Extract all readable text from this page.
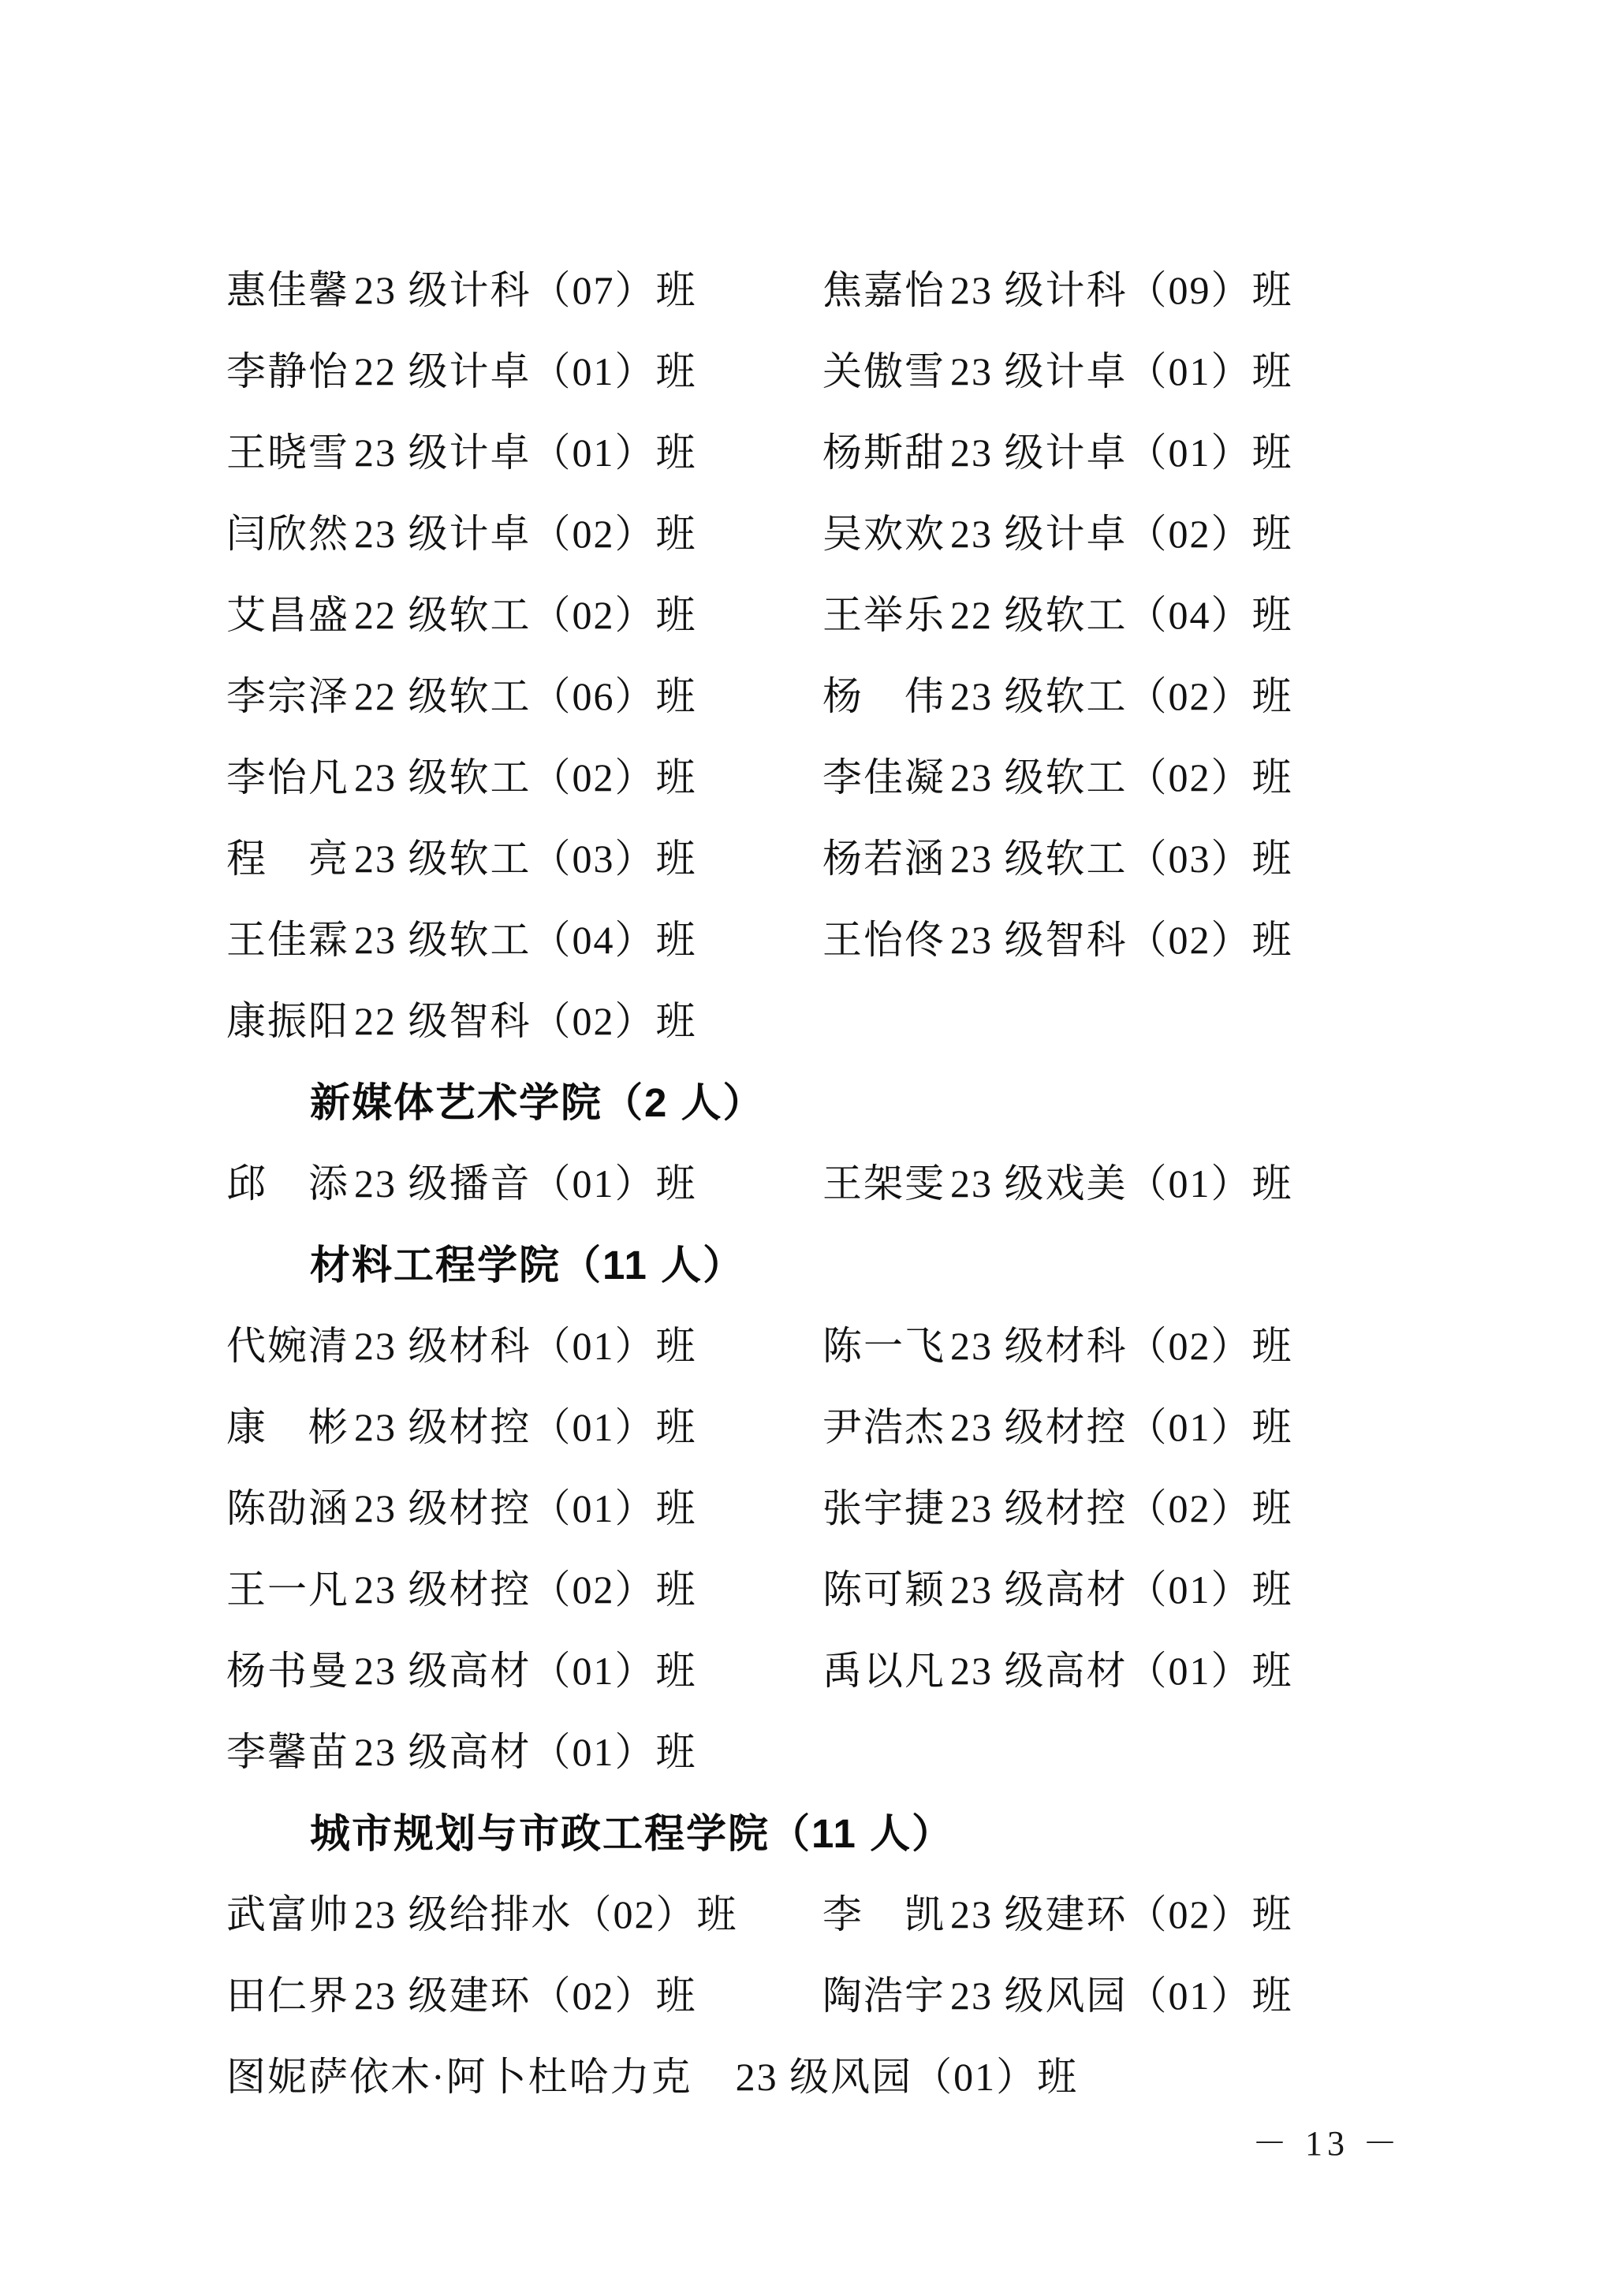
惠佳馨 23 级计科（07）班	焦嘉怡 23 级计科（09）班
李静怡 22 级计卓（01）班	关傲雪 23 级计卓（01）班
王晓雪 23 级计卓（01）班	杨斯甜 23 级计卓（01）班
闫欣然 23 级计卓（02）班	吴欢欢 23 级计卓（02）班
艾昌盛 22 级软工（02）班	王举乐 22 级软工（04）班
李宗泽 22 级软工（06）班	杨　伟 23 级软工（02）班
李怡凡 23 级软工（02）班	李佳凝 23 级软工（02）班
程　亮 23 级软工（03）班	杨若涵 23 级软工（03）班
王佳霖 23 级软工（04）班	王怡佟 23 级智科（02）班
康振阳 22 级智科（02）班
新媒体艺术学院（2 人）
邱　添 23 级播音（01）班	王架雯 23 级戏美（01）班
材料工程学院（11 人）
代婉清 23 级材科（01）班	陈一飞 23 级材科（02）班
康　彬 23 级材控（01）班	尹浩杰 23 级材控（01）班
陈劭涵 23 级材控（01）班	张宇捷 23 级材控（02）班
王一凡 23 级材控（02）班	陈可颖 23 级高材（01）班
杨书曼 23 级高材（01）班	禹以凡 23 级高材（01）班
李馨苗 23 级高材（01）班
城市规划与市政工程学院（11 人）
武富帅 23 级给排水（02）班 李　凯 23 级建环（02）班
田仁界 23 级建环（02）班	陶浩宇 23 级风园（01）班
图妮萨依木·阿卜杜哈力克 23 级风园（01）班
－ 13 －
